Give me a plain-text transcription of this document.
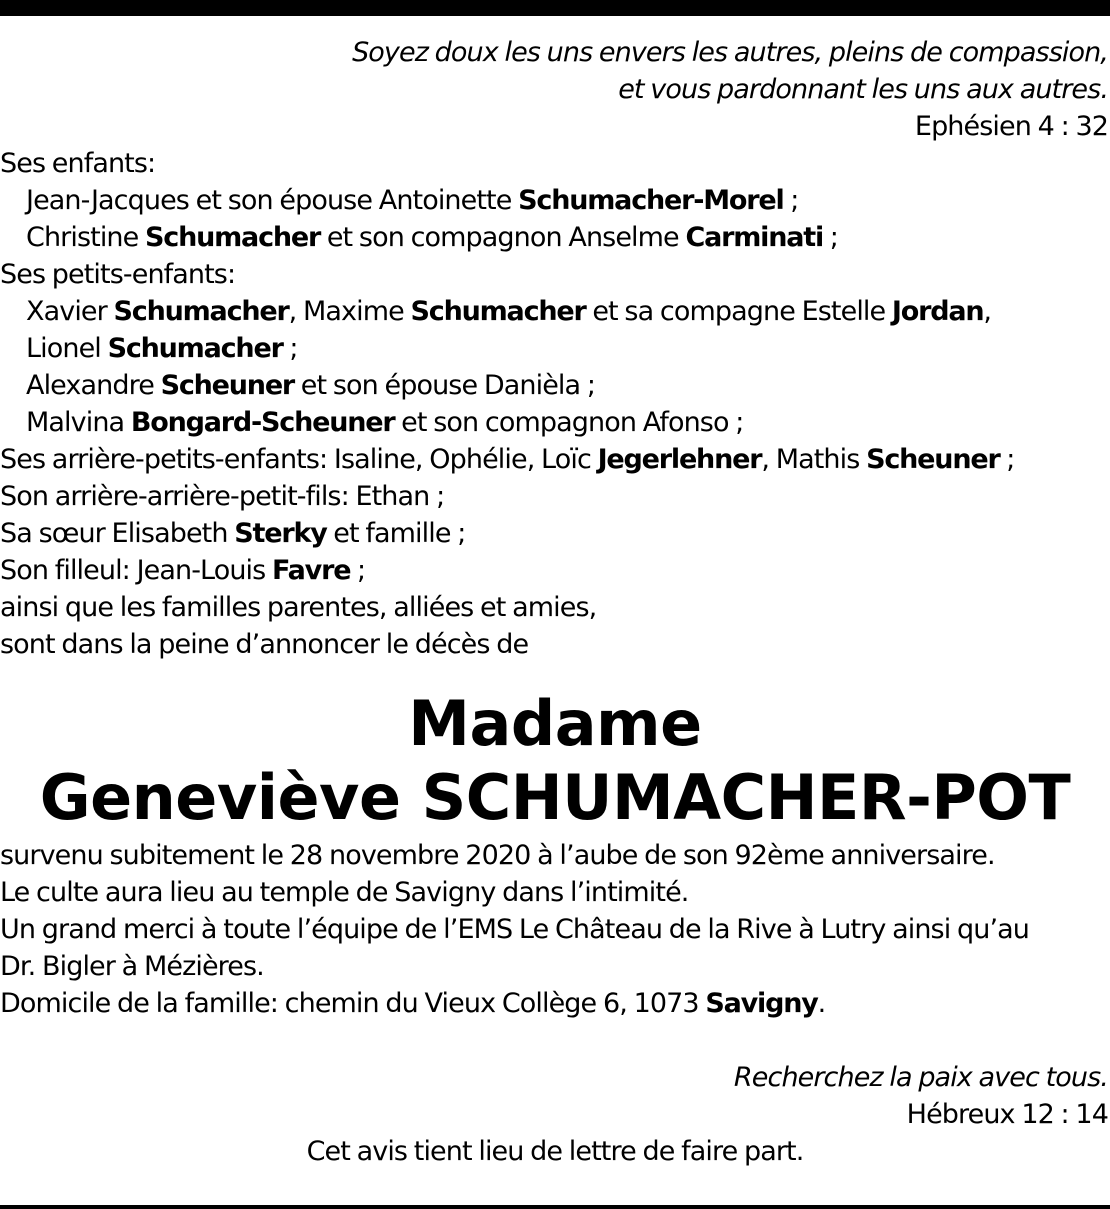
Soyez doux les uns envers les autres, pleins de compassion,
et vous pardonnant les uns aux autres.
Ephésien 4 : 32
Ses enfants:
Jean-Jacques et son épouse Antoinette Schumacher-Morel ;
Christine Schumacher et son compagnon Anselme Carminati ;
Ses petits-enfants:
Xavier Schumacher, Maxime Schumacher et sa compagne Estelle Jordan,
Lionel Schumacher ;
Alexandre Scheuner et son épouse Danièla ;
Malvina Bongard-Scheuner et son compagnon Afonso ;
Ses arrière-petits-enfants: Isaline, Ophélie, Loïc Jegerlehner, Mathis Scheuner ;
Son arrière-arrière-petit-fils: Ethan ;
Sa sœur Elisabeth Sterky et famille ;
Son filleul: Jean-Louis Favre ;
ainsi que les familles parentes, alliées et amies,
sont dans la peine d’annoncer le décès de
Madame
Geneviève SCHUMACHER-POT
survenu subitement le 28 novembre 2020 à l’aube de son 92ème anniversaire.
Le culte aura lieu au temple de Savigny dans l’intimité.
Un grand merci à toute l’équipe de l’EMS Le Château de la Rive à Lutry ainsi qu’au
Dr. Bigler à Mézières.
Domicile de la famille: chemin du Vieux Collège 6, 1073 Savigny.
Recherchez la paix avec tous.
Hébreux 12 : 14
Cet avis tient lieu de lettre de faire part.
